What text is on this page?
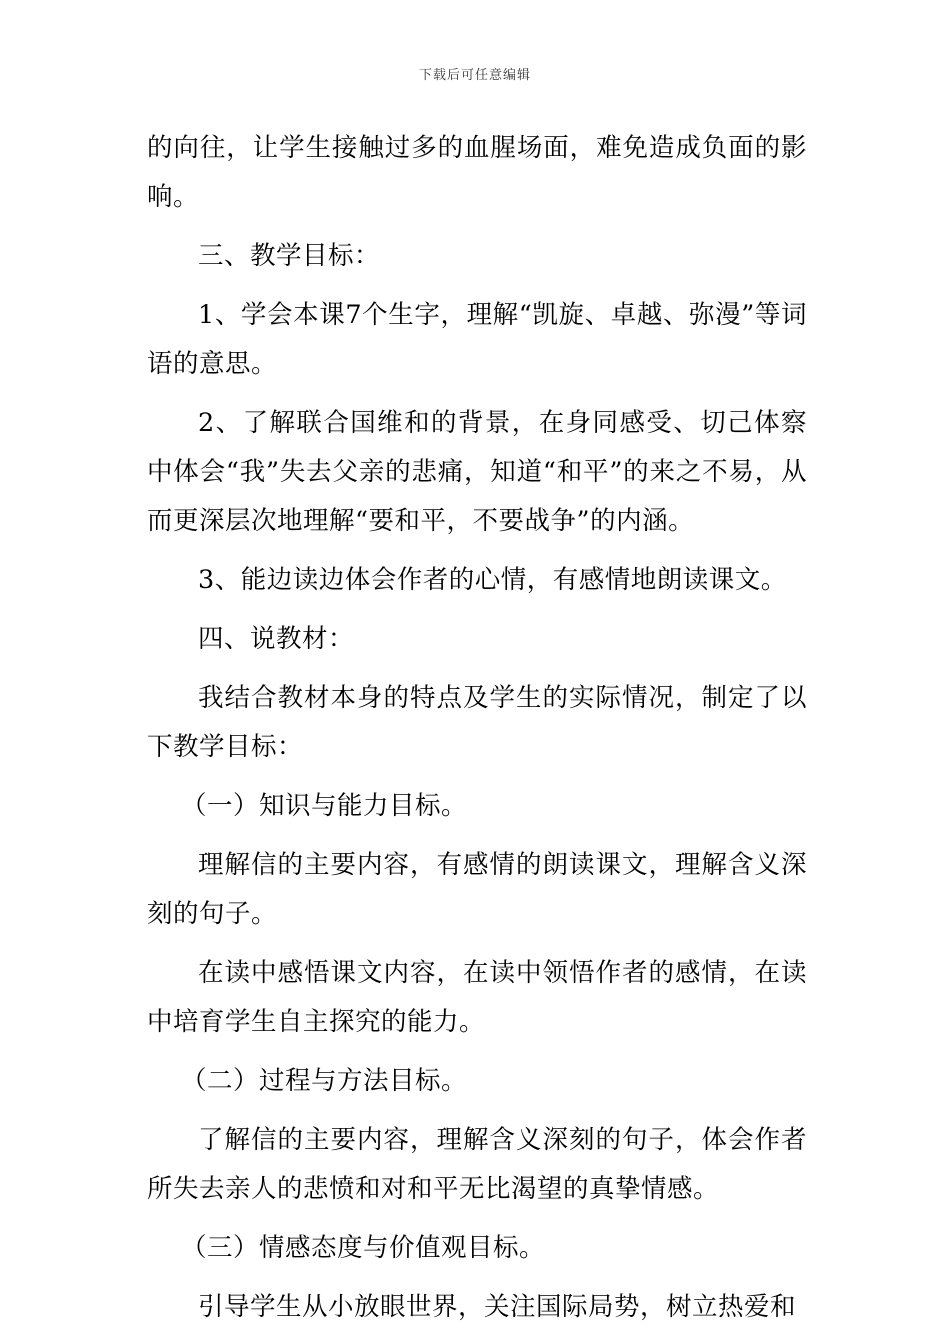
下载后可任意编辑

的向往，让学生接触过多的血腥场面，难免造成负面的影响。

三、教学目标：

1、学会本课7个生字，理解“凯旋、卓越、弥漫”等词语的意思。

2、了解联合国维和的背景，在身同感受、切己体察中体会“我”失去父亲的悲痛，知道“和平”的来之不易，从而更深层次地理解“要和平，不要战争”的内涵。

3、能边读边体会作者的心情，有感情地朗读课文。

四、说教材：

我结合教材本身的特点及学生的实际情况，制定了以下教学目标：

（一）知识与能力目标。

理解信的主要内容，有感情的朗读课文，理解含义深刻的句子。

在读中感悟课文内容，在读中领悟作者的感情，在读中培育学生自主探究的能力。

（二）过程与方法目标。

了解信的主要内容，理解含义深刻的句子，体会作者所失去亲人的悲愤和对和平无比渴望的真挚情感。

（三）情感态度与价值观目标。

引导学生从小放眼世界，关注国际局势，树立热爱和
